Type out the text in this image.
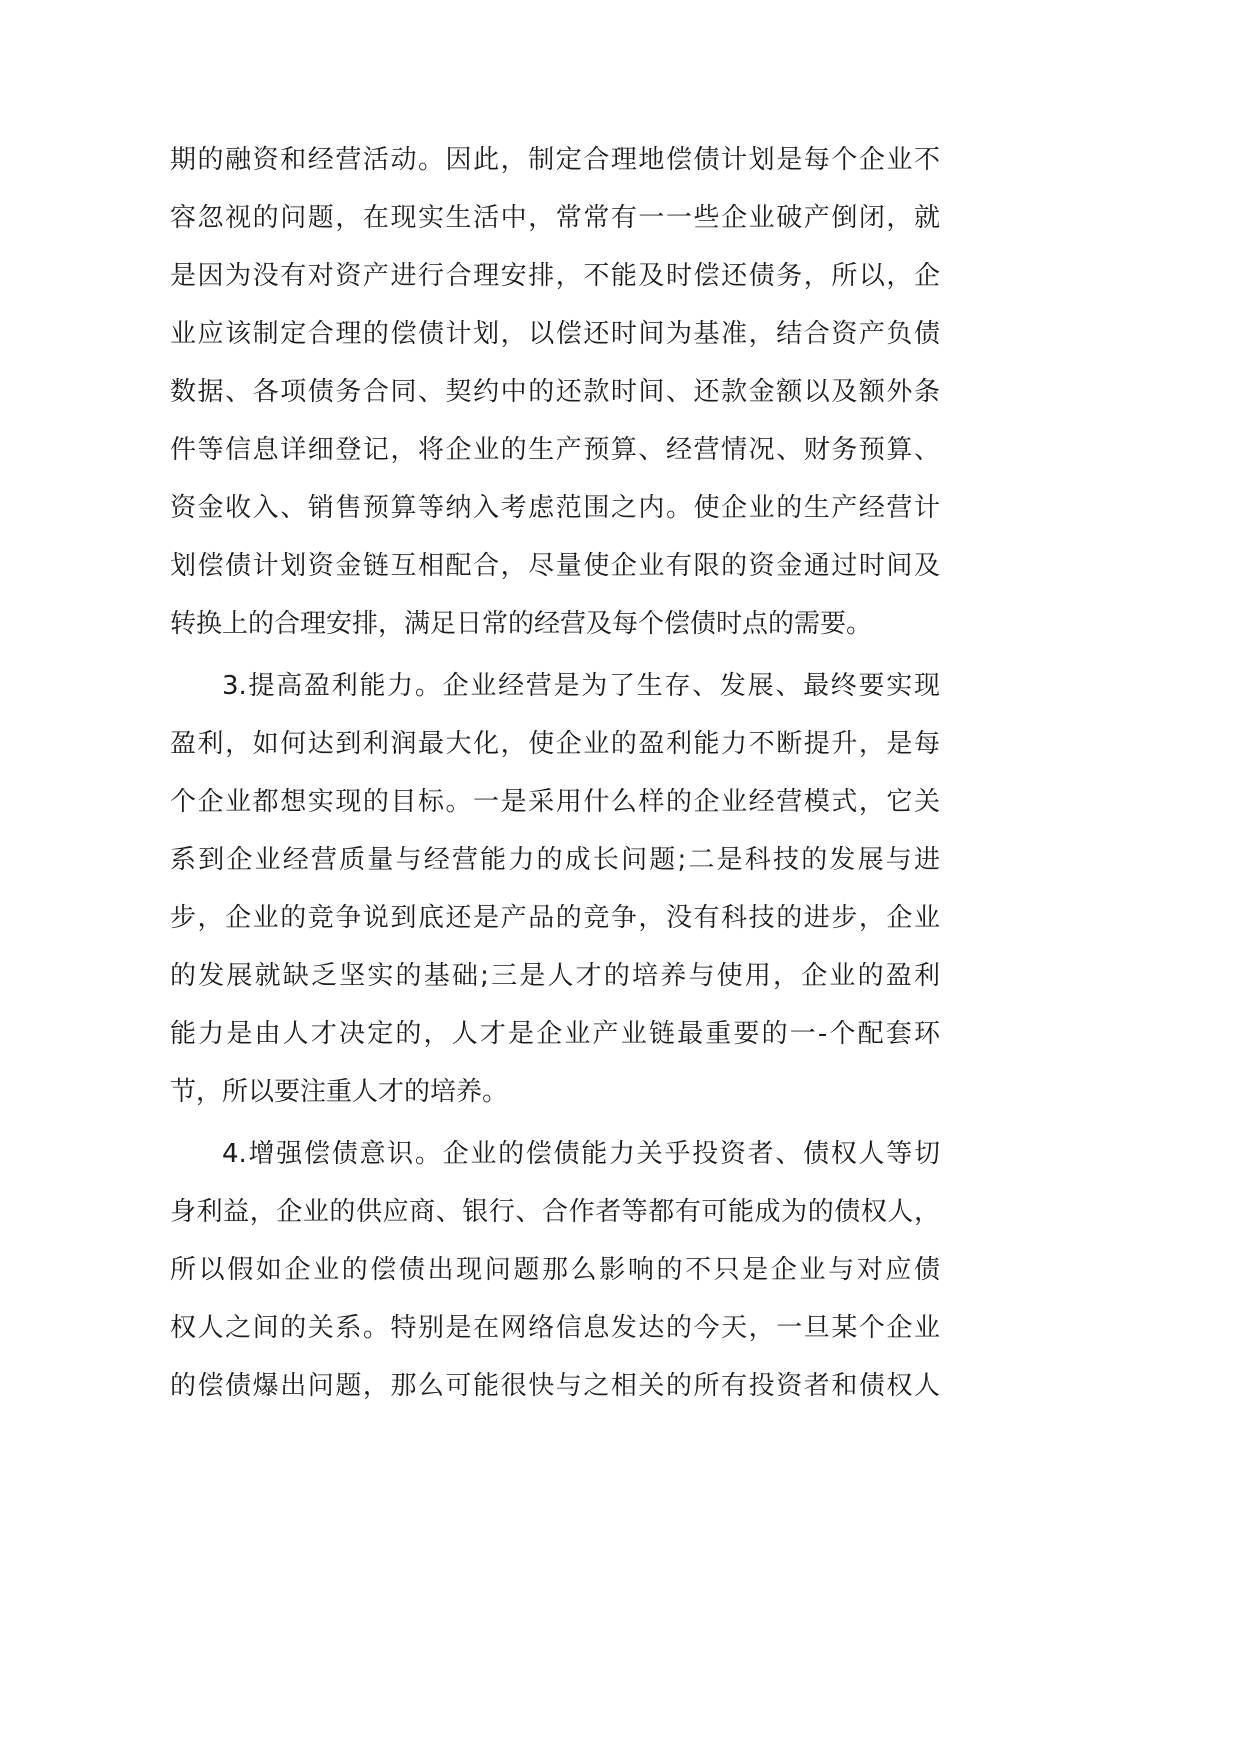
期的融资和经营活动。因此，制定合理地偿债计划是每个企业不
容忽视的问题，在现实生活中，常常有一一些企业破产倒闭，就
是因为没有对资产进行合理安排，不能及时偿还债务，所以，企
业应该制定合理的偿债计划，以偿还时间为基准，结合资产负债
数据、各项债务合同、契约中的还款时间、还款金额以及额外条
件等信息详细登记，将企业的生产预算、经营情况、财务预算、
资金收入、销售预算等纳入考虑范围之内。使企业的生产经营计
划偿债计划资金链互相配合，尽量使企业有限的资金通过时间及
转换上的合理安排，满足日常的经营及每个偿债时点的需要。
3.提高盈利能力。企业经营是为了生存、发展、最终要实现
盈利，如何达到利润最大化，使企业的盈利能力不断提升，是每
个企业都想实现的目标。一是采用什么样的企业经营模式，它关
系到企业经营质量与经营能力的成长问题;二是科技的发展与进
步，企业的竞争说到底还是产品的竞争，没有科技的进步，企业
的发展就缺乏坚实的基础;三是人才的培养与使用，企业的盈利
能力是由人才决定的，人才是企业产业链最重要的一-个配套环
节，所以要注重人才的培养。
4.增强偿债意识。企业的偿债能力关乎投资者、债权人等切
身利益，企业的供应商、银行、合作者等都有可能成为的债权人，
所以假如企业的偿债出现问题那么影响的不只是企业与对应债
权人之间的关系。特别是在网络信息发达的今天，一旦某个企业
的偿债爆出问题，那么可能很快与之相关的所有投资者和债权人
